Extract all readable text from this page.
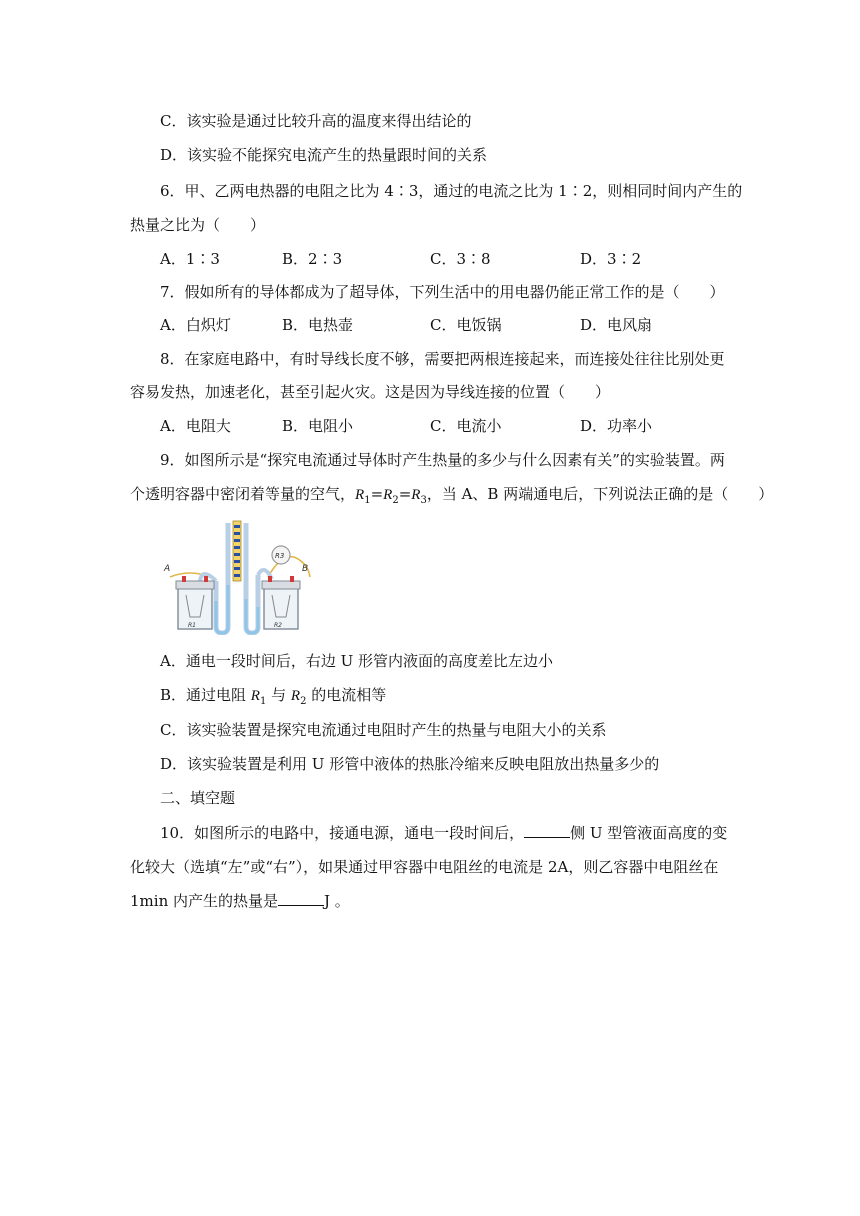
C．该实验是通过比较升高的温度来得出结论的
D．该实验不能探究电流产生的热量跟时间的关系
6．甲、乙两电热器的电阻之比为 4∶3，通过的电流之比为 1∶2，则相同时间内产生的
热量之比为（　　）
A．1∶3	B．2∶3	C．3∶8	D．3∶2
7．假如所有的导体都成为了超导体，下列生活中的用电器仍能正常工作的是（　　）
A．白炽灯	B．电热壶	C．电饭锅	D．电风扇
8．在家庭电路中，有时导线长度不够，需要把两根连接起来，而连接处往往比别处更
容易发热，加速老化，甚至引起火灾。这是因为导线连接的位置（　　）
A．电阻大	B．电阻小	C．电流小	D．功率小
9．如图所示是“探究电流通过导体时产生热量的多少与什么因素有关”的实验装置。两
个透明容器中密闭着等量的空气，$R_1=R_2=R_3$，当 A、B 两端通电后，下列说法正确的是（　　）
R3
A	B
R1	R2
A．通电一段时间后，右边 U 形管内液面的高度差比左边小
B．通过电阻 $R_1$ 与 $R_2$ 的电流相等
C．该实验装置是探究电流通过电阻时产生的热量与电阻大小的关系
D．该实验装置是利用 U 形管中液体的热胀冷缩来反映电阻放出热量多少的
二、填空题
10．如图所示的电路中，接通电源，通电一段时间后，	侧 U 型管液面高度的变
化较大（选填“左”或“右”），如果通过甲容器中电阻丝的电流是 2A，则乙容器中电阻丝在
1min 内产生的热量是	J 。
